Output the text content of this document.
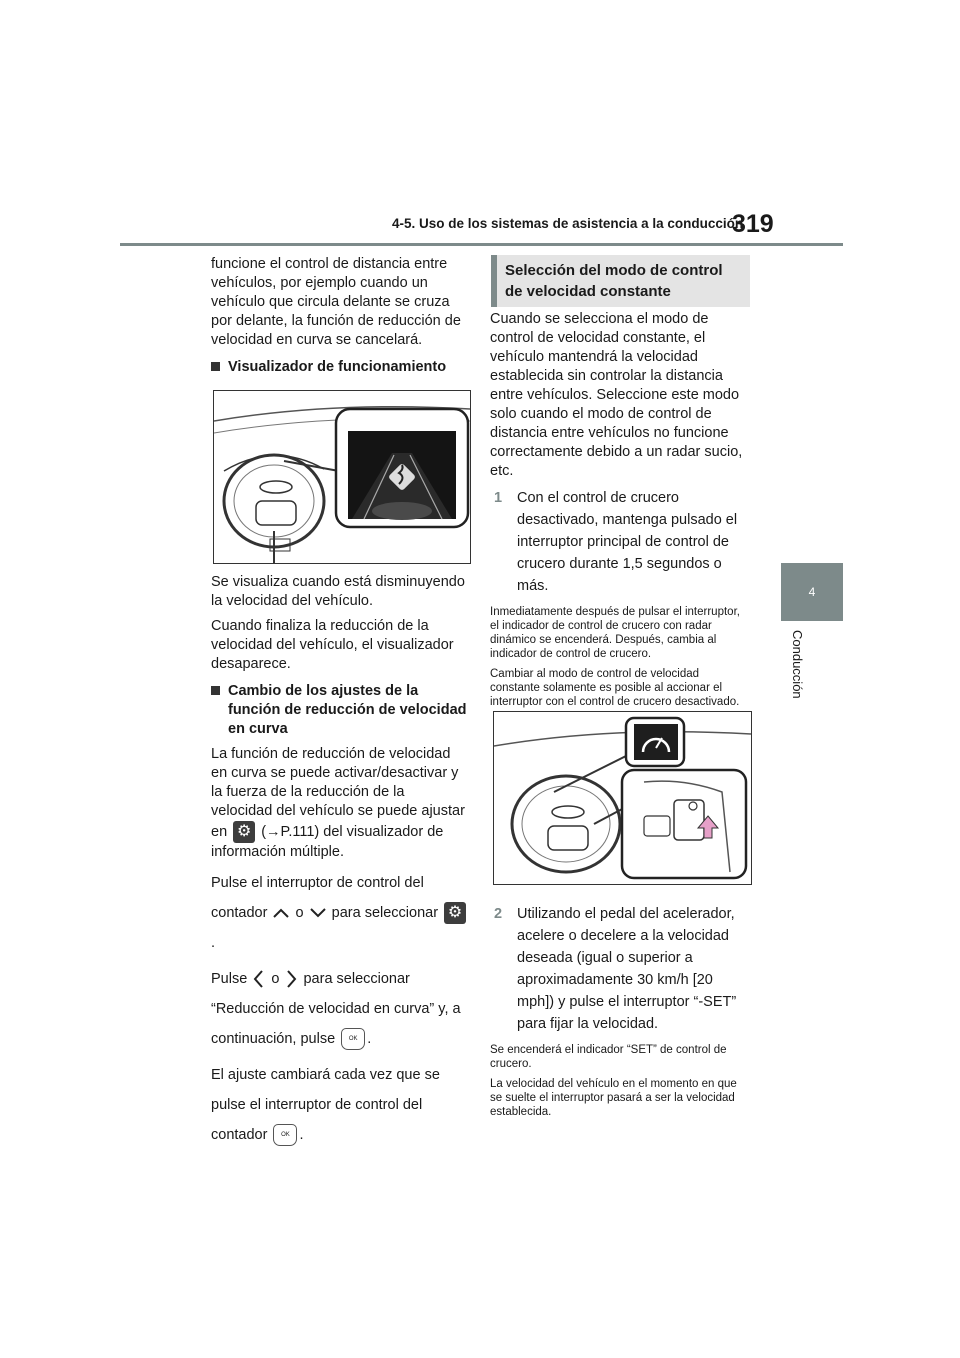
4-5. Uso de los sistemas de asistencia a la conducción
319
4
Conducción

funcione el control de distancia entre vehículos, por ejemplo cuando un vehículo que circula delante se cruza por delante, la función de reducción de velocidad en curva se cancelará.

Visualizador de funcionamiento

Se visualiza cuando está disminuyendo la velocidad del vehículo.

Cuando finaliza la reducción de la velocidad del vehículo, el visualizador desaparece.

Cambio de los ajustes de la función de reducción de velocidad en curva

La función de reducción de velocidad en curva se puede activar/desactivar y la fuerza de la reducción de la velocidad del vehículo se puede ajustar en ⚙ (→P.111) del visualizador de información múltiple.

Pulse el interruptor de control del contador o para seleccionar ⚙
.

Pulse o para seleccionar “Reducción de velocidad en curva” y, a continuación, pulse OK .

El ajuste cambiará cada vez que se pulse el interruptor de control del contador OK .

Selección del modo de control de velocidad constante

Cuando se selecciona el modo de control de velocidad constante, el vehículo mantendrá la velocidad establecida sin controlar la distancia entre vehículos. Seleccione este modo solo cuando el modo de control de distancia entre vehículos no funcione correctamente debido a un radar sucio, etc.

1 Con el control de crucero desactivado, mantenga pulsado el interruptor principal de control de crucero durante 1,5 segundos o más.

Inmediatamente después de pulsar el interruptor, el indicador de control de crucero con radar dinámico se encenderá. Después, cambia al indicador de control de crucero.

Cambiar al modo de control de velocidad constante solamente es posible al accionar el interruptor con el control de crucero desactivado.

2 Utilizando el pedal del acelerador, acelere o decelere a la velocidad deseada (igual o superior a aproximadamente 30 km/h [20 mph]) y pulse el interruptor “-SET” para fijar la velocidad.

Se encenderá el indicador “SET” de control de crucero.

La velocidad del vehículo en el momento en que se suelte el interruptor pasará a ser la velocidad establecida.
